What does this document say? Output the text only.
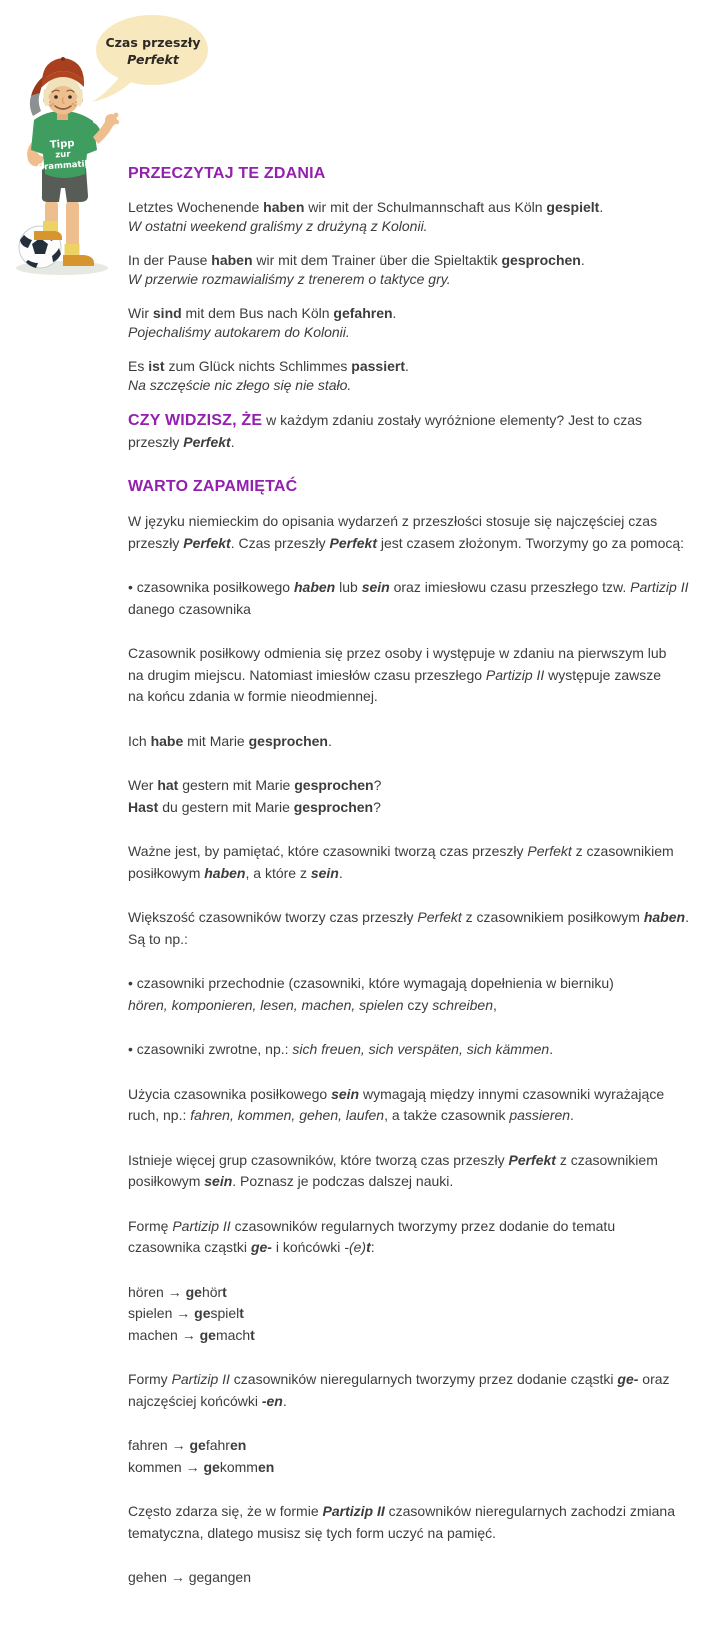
Czas przeszły
Perfekt
Tipp
zur
Grammatik PRZECZYTAJ TE ZDANIA
Letztes Wochenende haben wir mit der Schulmannschaft aus Köln gespielt.
W ostatni weekend graliśmy z drużyną z Kolonii.
In der Pause haben wir mit dem Trainer über die Spieltaktik gesprochen.
W przerwie rozmawialiśmy z trenerem o taktyce gry.
Wir sind mit dem Bus nach Köln gefahren.
Pojechaliśmy autokarem do Kolonii.
Es ist zum Glück nichts Schlimmes passiert.
Na szczęście nic złego się nie stało.
CZY WIDZISZ, ŻE w każdym zdaniu zostały wyróżnione elementy? Jest to czas
przeszły Perfekt.
WARTO ZAPAMIĘTAĆ
W języku niemieckim do opisania wydarzeń z przeszłości stosuje się najczęściej czas
przeszły Perfekt. Czas przeszły Perfekt jest czasem złożonym. Tworzymy go za pomocą:
• czasownika posiłkowego haben lub sein oraz imiesłowu czasu przeszłego tzw. Partizip II
danego czasownika
Czasownik posiłkowy odmienia się przez osoby i występuje w zdaniu na pierwszym lub
na drugim miejscu. Natomiast imiesłów czasu przeszłego Partizip II występuje zawsze
na końcu zdania w formie nieodmiennej.
Ich habe mit Marie gesprochen.
Wer hat gestern mit Marie gesprochen?
Hast du gestern mit Marie gesprochen?
Ważne jest, by pamiętać, które czasowniki tworzą czas przeszły Perfekt z czasownikiem
posiłkowym haben, a które z sein.
Większość czasowników tworzy czas przeszły Perfekt z czasownikiem posiłkowym haben.
Są to np.:
• czasowniki przechodnie (czasowniki, które wymagają dopełnienia w bierniku)
hören, komponieren, lesen, machen, spielen czy schreiben,
• czasowniki zwrotne, np.: sich freuen, sich verspäten, sich kämmen.
Użycia czasownika posiłkowego sein wymagają między innymi czasowniki wyrażające
ruch, np.: fahren, kommen, gehen, laufen, a także czasownik passieren.
Istnieje więcej grup czasowników, które tworzą czas przeszły Perfekt z czasownikiem
posiłkowym sein. Poznasz je podczas dalszej nauki.
Formę Partizip II czasowników regularnych tworzymy przez dodanie do tematu
czasownika cząstki ge- i końcówki -(e)t:
hören → gehört
spielen → gespielt
machen → gemacht
Formy Partizip II czasowników nieregularnych tworzymy przez dodanie cząstki ge- oraz
najczęściej końcówki -en.
fahren → gefahren
kommen → gekommen
Często zdarza się, że w formie Partizip II czasowników nieregularnych zachodzi zmiana
tematyczna, dlatego musisz się tych form uczyć na pamięć.
gehen → gegangen
